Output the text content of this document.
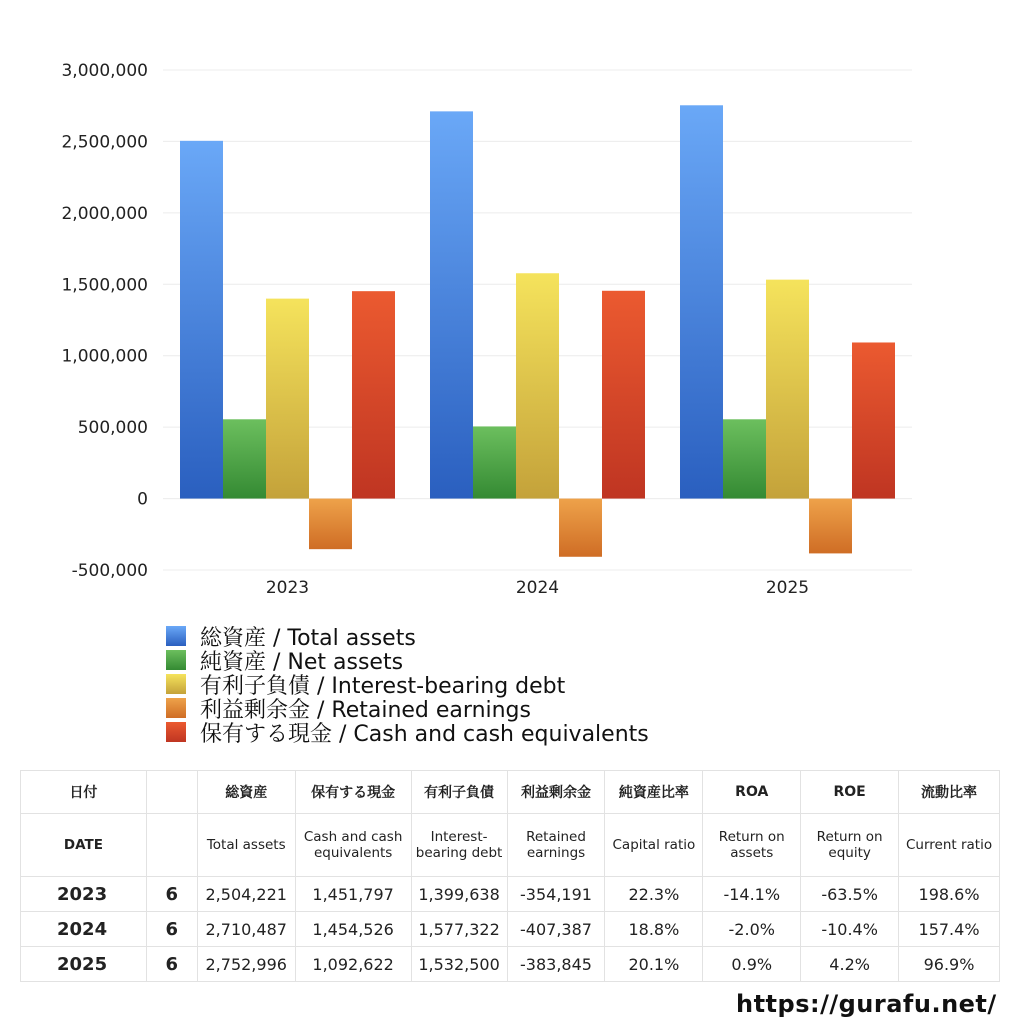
3,000,000
2,500,000
2,000,000
1,500,000
1,000,000
500,000
0
-500,000
2023	2024	2025
総資産 / Total assets
純資産 / Net assets
有利子負債 / Interest-bearing debt
利益剰余金 / Retained earnings
保有する現金 / Cash and cash equivalents
日付		総資産	保有する現金	有利子負債	利益剰余金	純資産比率	ROA	ROE	流動比率
DATE		Total assets	Cash and cash equivalents	Interest-bearing debt	Retained earnings	Capital ratio	Return on assets	Return on equity	Current ratio
2023	6	2,504,221	1,451,797	1,399,638	-354,191	22.3%	-14.1%	-63.5%	198.6%
2024	6	2,710,487	1,454,526	1,577,322	-407,387	18.8%	-2.0%	-10.4%	157.4%
2025	6	2,752,996	1,092,622	1,532,500	-383,845	20.1%	0.9%	4.2%	96.9%
https://gurafu.net/
